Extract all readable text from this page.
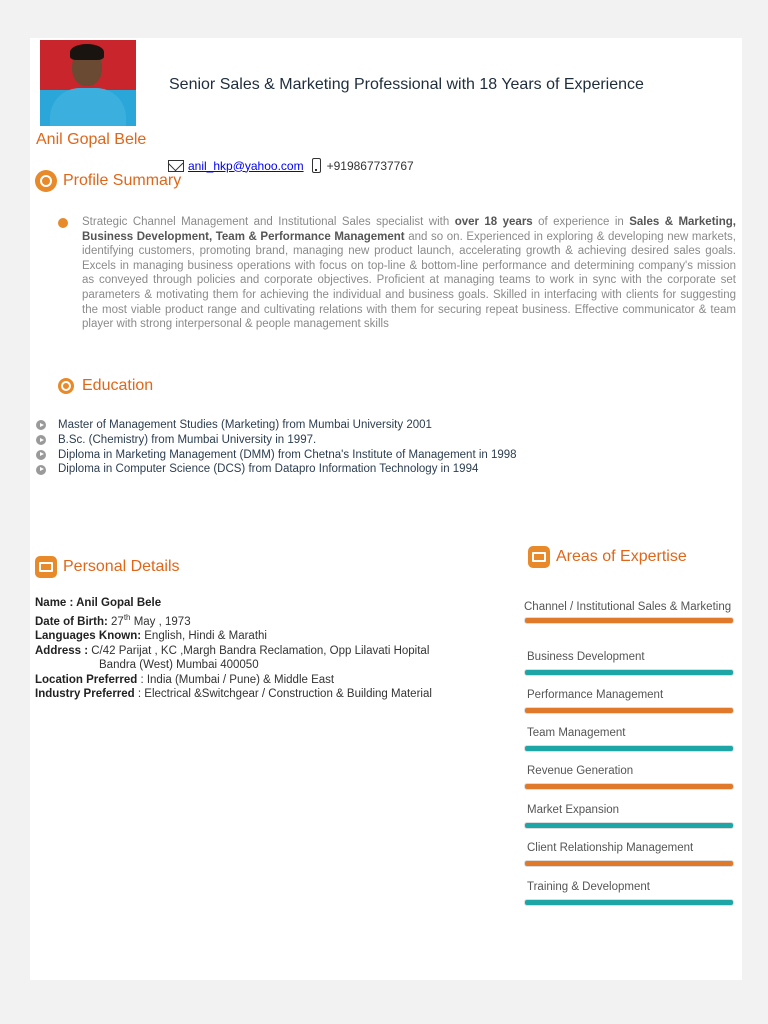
Senior Sales & Marketing Professional with 18 Years of Experience
Anil Gopal Bele
anil_hkp@yahoo.com +919867737767
Profile Summary
Strategic Channel Management and Institutional Sales specialist with over 18 years of experience in Sales & Marketing, Business Development, Team & Performance Management and so on. Experienced in exploring & developing new markets, identifying customers, promoting brand, managing new product launch, accelerating growth & achieving desired sales goals. Excels in managing business operations with focus on top-line & bottom-line performance and determining company's mission as conveyed through policies and corporate objectives. Proficient at managing teams to work in sync with the corporate set parameters & motivating them for achieving the individual and business goals. Skilled in interfacing with clients for suggesting the most viable product range and cultivating relations with them for securing repeat business. Effective communicator & team player with strong interpersonal & people management skills
Education
Master of Management Studies (Marketing) from Mumbai University 2001
B.Sc. (Chemistry) from Mumbai University in 1997.
Diploma in Marketing Management (DMM) from Chetna's Institute of Management in 1998
Diploma in Computer Science (DCS) from Datapro Information Technology in 1994
Personal Details
Name : Anil Gopal Bele
Date of Birth: 27th May , 1973
Languages Known: English, Hindi & Marathi
Address : C/42 Parijat , KC ,Margh Bandra Reclamation, Opp Lilavati Hopital
Bandra (West) Mumbai 400050
Location Preferred : India (Mumbai / Pune) & Middle East
Industry Preferred : Electrical &Switchgear / Construction & Building Material
Areas of Expertise
Channel / Institutional Sales & Marketing
Business Development
Performance Management
Team Management
Revenue Generation
Market Expansion
Client Relationship Management
Training & Development
